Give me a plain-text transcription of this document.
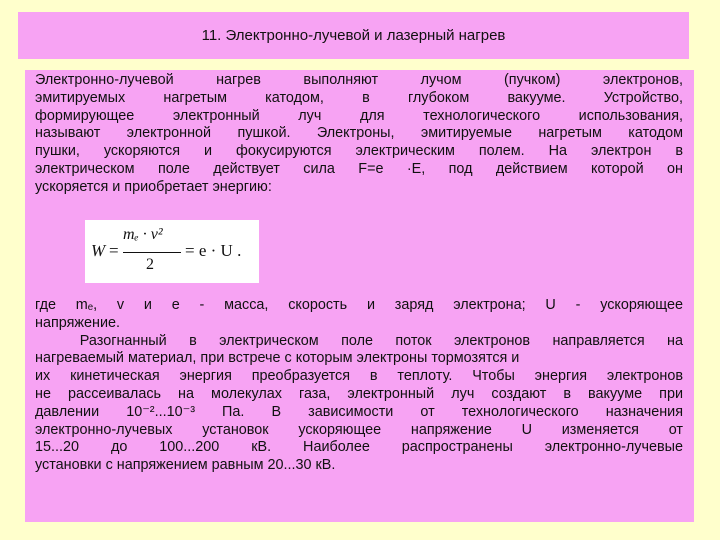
11. Электронно-лучевой и лазерный нагрев
Электронно-лучевой нагрев выполняют лучом (пучком) электронов,
эмитируемых нагретым катодом, в глубоком вакууме. Устройство,
формирующее электронный луч для технологического использования,
называют электронной пушкой. Электроны, эмитируемые нагретым катодом
пушки, ускоряются и фокусируются электрическим полем. На электрон в
электрическом поле действует сила F=e ·E, под действием которой он
ускоряется и приобретает энергию:
W =
mₑ · v²
2
= e · U .
где mₑ, v и e - масса, скорость и заряд электрона; U - ускоряющее
напряжение.
Разогнанный в электрическом поле поток электронов направляется на
нагреваемый материал, при встрече с которым электроны тормозятся и
их кинетическая энергия преобразуется в теплоту. Чтобы энергия электронов
не рассеивалась на молекулах газа, электронный луч создают в вакууме при
давлении 10⁻²...10⁻³ Па. В зависимости от технологического назначения
электронно-лучевых установок ускоряющее напряжение U изменяется от
15...20 до 100...200 кВ. Наиболее распространены электронно-лучевые
установки с напряжением равным 20...30 кВ.
